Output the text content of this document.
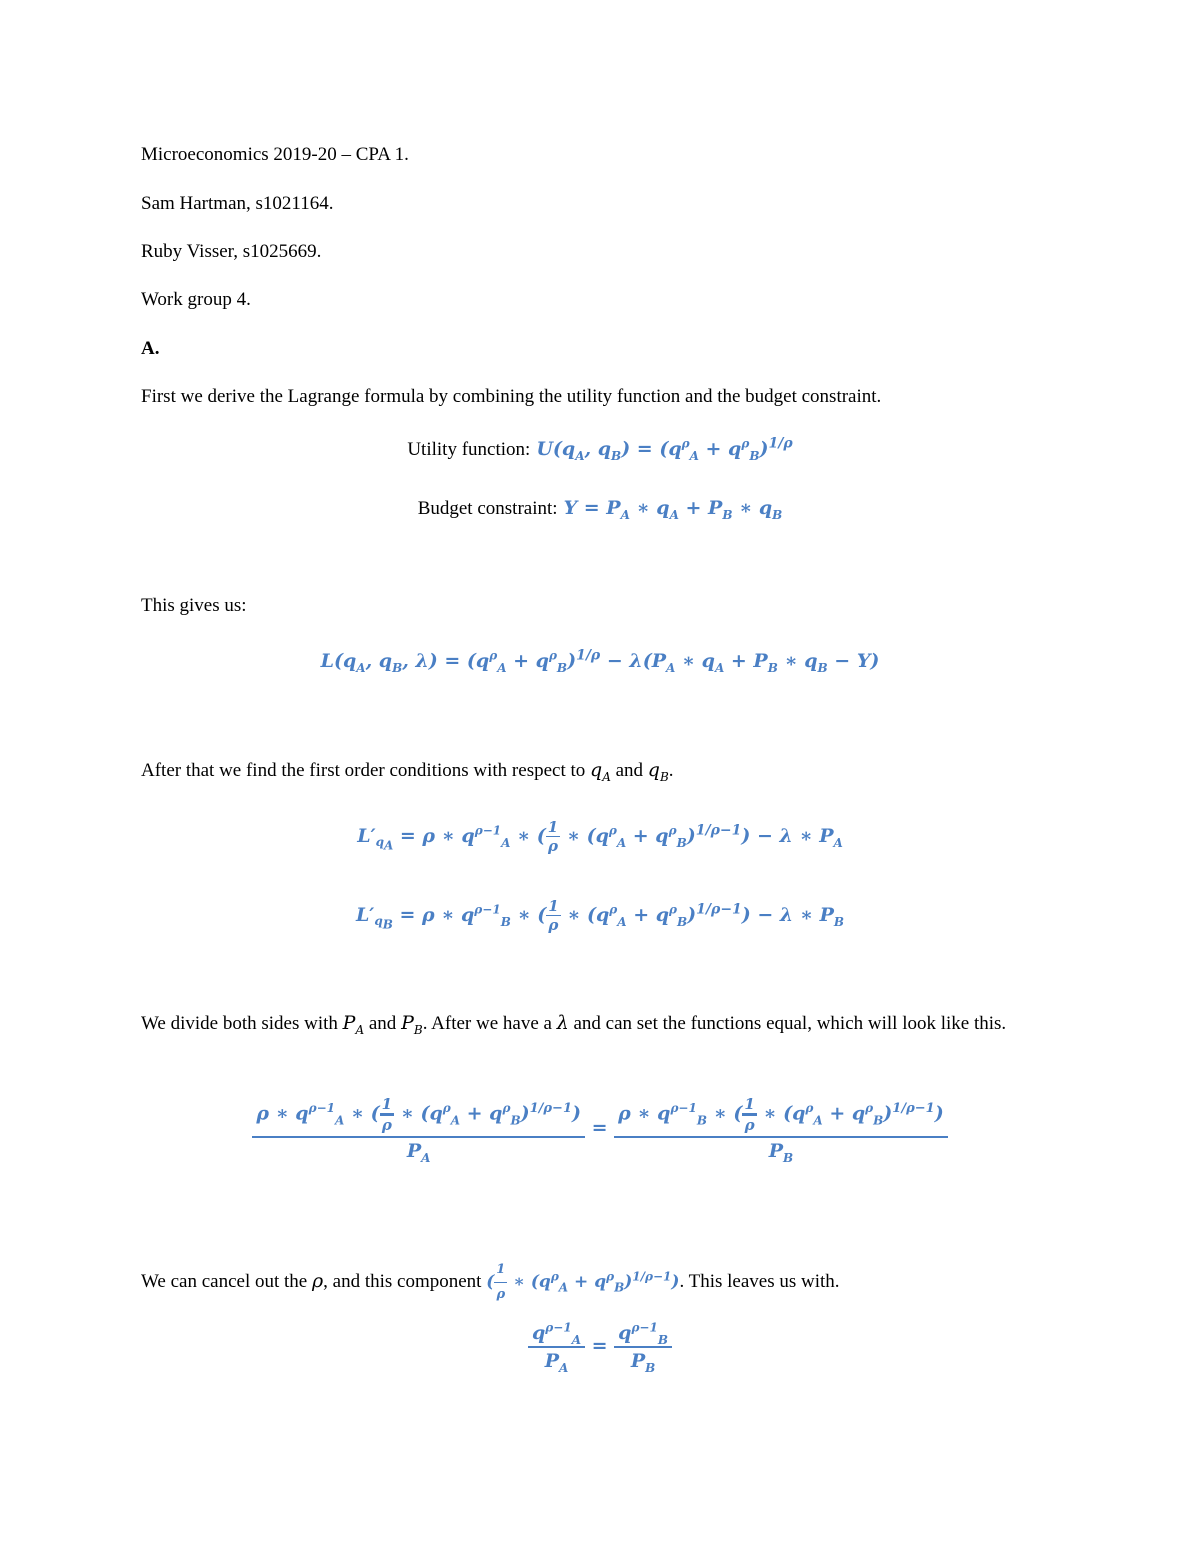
Microeconomics 2019-20 – CPA 1.
Sam Hartman, s1021164.
Ruby Visser, s1025669.
Work group 4.
A.
First we derive the Lagrange formula by combining the utility function and the budget constraint.
Utility function: $U(q_A$, $q_B) = (q^\rho_A + q^\rho_B)^{1/\rho}$
Budget constraint: $Y = P_A$ ∗ $q_A + P_B$ ∗ $q_B$
This gives us:
$L(q_A$, $q_B$, $\lambda) = (q^\rho_A + q^\rho_B)^{1/\rho} - \lambda(P_A$ ∗ $q_A + P_B$ ∗ $q_B - Y$)
After that we find the first order conditions with respect to $q_A$ and $q_B$.
$L'_{q_A} = \rho$ ∗ $q^{\rho-1}_A$ ∗ ( $\frac{1}{\rho}$ ∗ $(q^\rho_A + q^\rho_B)^{1/\rho-1}) - \lambda$ ∗ $P_A$
$L'_{q_B} = \rho$ ∗ $q^{\rho-1}_B$ ∗ ( $\frac{1}{\rho}$ ∗ $(q^\rho_A + q^\rho_B)^{1/\rho-1}) - \lambda$ ∗ $P_B$
We divide both sides with $P_A$ and $P_B$. After we have a λ and can set the functions equal, which will look like this.
$\frac{\rho ∗ q^{\rho-1}_A ∗ ( \frac{1}{\rho} ∗ (q^\rho_A + q^\rho_B)^{1/\rho-1})}{P_A} = \frac{\rho ∗ q^{\rho-1}_B ∗ ( \frac{1}{\rho} ∗ (q^\rho_A + q^\rho_B)^{1/\rho-1})}{P_B}$
We can cancel out the ρ, and this component ( $\frac{1}{\rho}$ ∗ $(q^\rho_A + q^\rho_B)^{1/\rho-1}$). This leaves us with.
$\frac{q^{\rho-1}_A}{P_A} = \frac{q^{\rho-1}_B}{P_B}$
